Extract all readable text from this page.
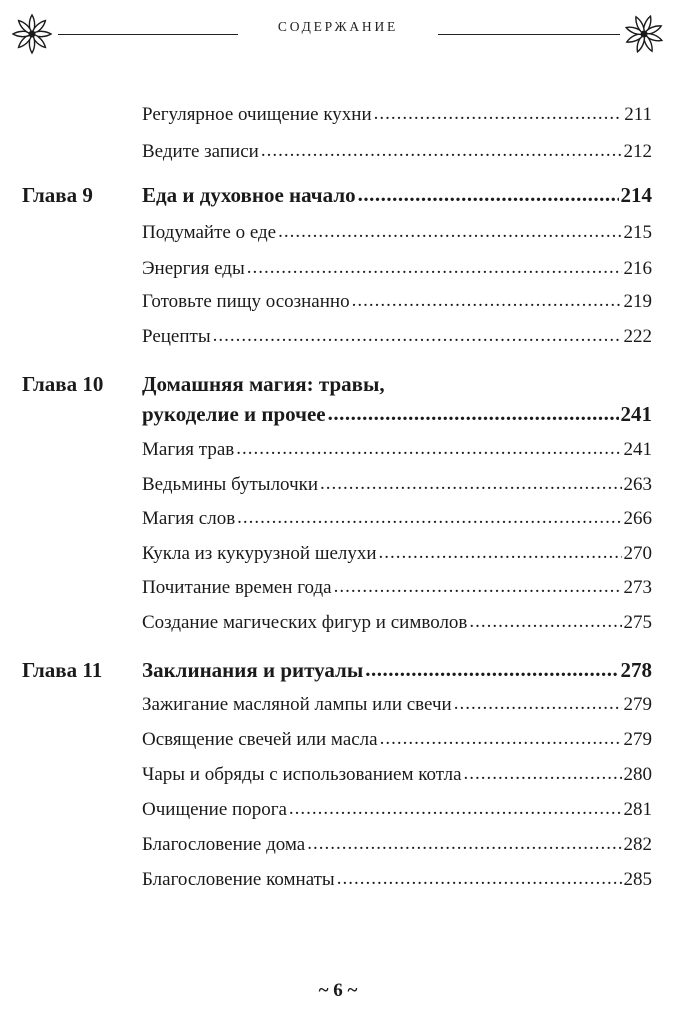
СОДЕРЖАНИЕ
Регулярное очищение кухни .....	211
Ведите записи .....	212
Глава 9 Еда и духовное начало .....	214
Подумайте о еде .....	215
Энергия еды .....	216
Готовьте пищу осознанно .....	219
Рецепты .....	222
Глава 10 Домашняя магия: травы,
рукоделие и прочее .....	241
Магия трав .....	241
Ведьмины бутылочки .....	263
Магия слов .....	266
Кукла из кукурузной шелухи .....	270
Почитание времен года .....	273
Создание магических фигур и символов .....	275
Глава 11 Заклинания и ритуалы .....	278
Зажигание масляной лампы или свечи .....	279
Освящение свечей или масла .....	279
Чары и обряды с использованием котла .....	280
Очищение порога .....	281
Благословение дома .....	282
Благословение комнаты .....	285
~ 6 ~
